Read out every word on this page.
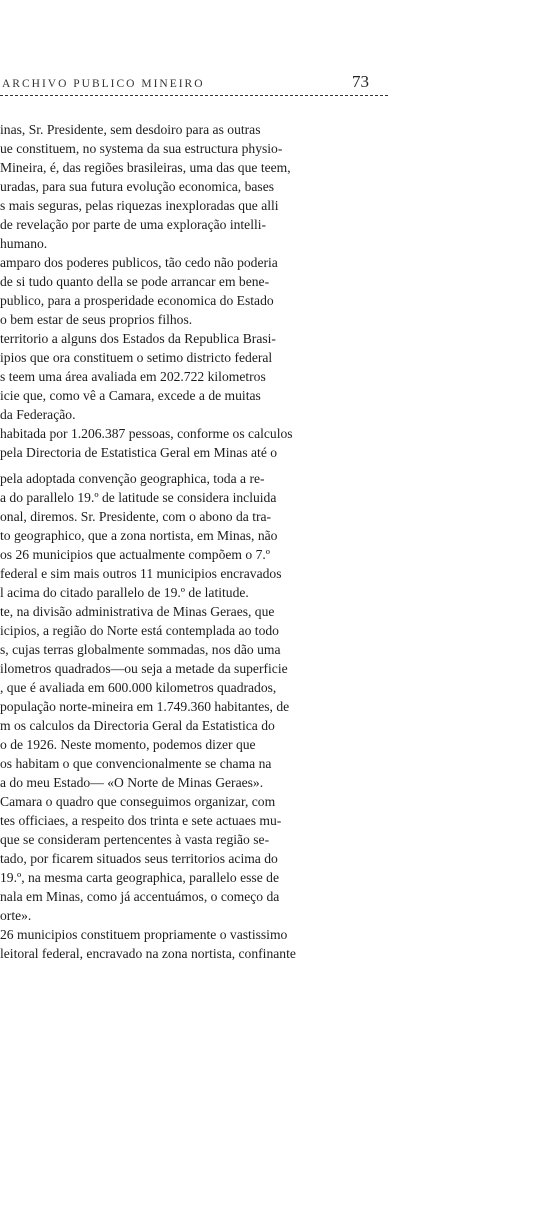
ARCHIVO PUBLICO MINEIRO	73
inas, Sr. Presidente, sem desdoiro para as outras
ue constituem, no systema da sua estructura physio-
Mineira, é, das regiões brasileiras, uma das que teem,
uradas, para sua futura evolução economica, bases
s mais seguras, pelas riquezas inexploradas que alli
de revelação por parte de uma exploração intelli-
humano.
amparo dos poderes publicos, tão cedo não poderia
de si tudo quanto della se pode arrancar em bene-
publico, para a prosperidade economica do Estado
o bem estar de seus proprios filhos.
territorio a alguns dos Estados da Republica Brasi-
ipios que ora constituem o setimo districto federal
s teem uma área avaliada em 202.722 kilometros
icie que, como vê a Camara, excede a de muitas
da Federação.
habitada por 1.206.387 pessoas, conforme os calculos
pela Directoria de Estatistica Geral em Minas até o
pela adoptada convenção geographica, toda a re-
a do parallelo 19.º de latitude se considera incluida
onal, diremos. Sr. Presidente, com o abono da tra-
to geographico, que a zona nortista, em Minas, não
os 26 municipios que actualmente compõem o 7.º
federal e sim mais outros 11 municipios encravados
l acima do citado parallelo de 19.º de latitude.
te, na divisão administrativa de Minas Geraes, que
icipios, a região do Norte está contemplada ao todo
s, cujas terras globalmente sommadas, nos dão uma
ilometros quadrados—ou seja a metade da superficie
, que é avaliada em 600.000 kilometros quadrados,
população norte-mineira em 1.749.360 habitantes, de
m os calculos da Directoria Geral da Estatistica do
o de 1926. Neste momento, podemos dizer que
os habitam o que convencionalmente se chama na
a do meu Estado— «O Norte de Minas Geraes».
Camara o quadro que conseguimos organizar, com
tes officiaes, a respeito dos trinta e sete actuaes mu-
que se consideram pertencentes à vasta região se-
tado, por ficarem situados seus territorios acima do
19.º, na mesma carta geographica, parallelo esse de
nala em Minas, como já accentuámos, o começo da
orte».
26 municipios constituem propriamente o vastissimo
leitoral federal, encravado na zona nortista, confinante
